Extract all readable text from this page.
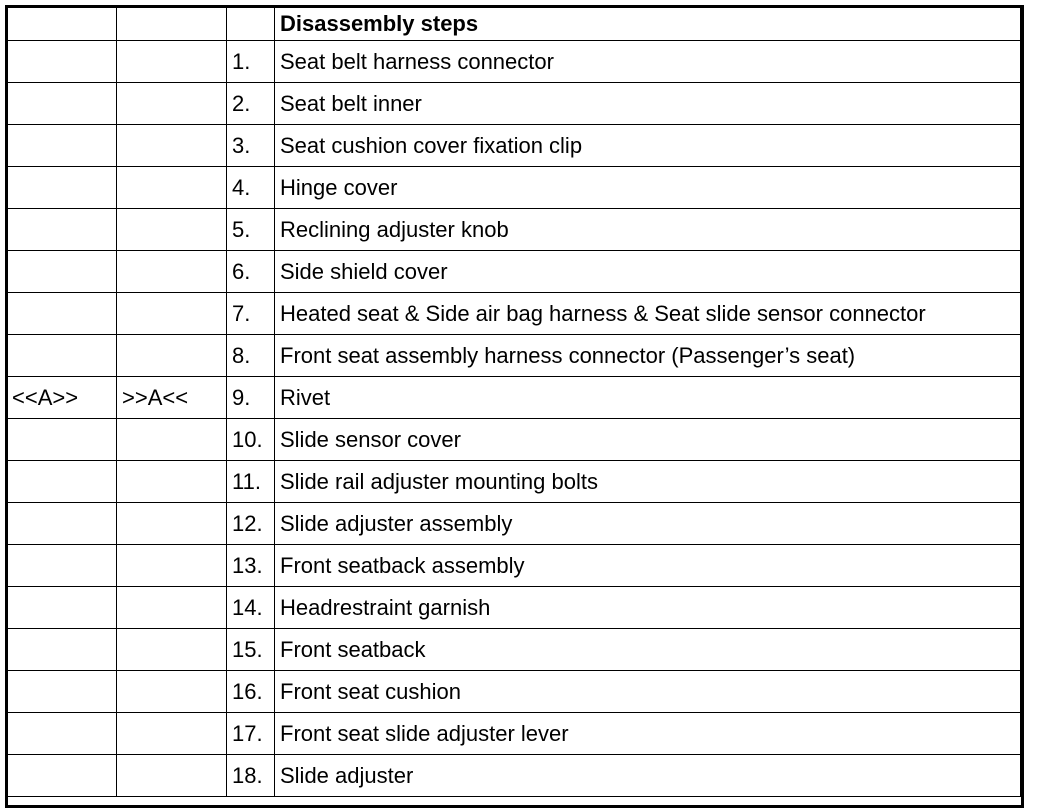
			Disassembly steps
		1.	Seat belt harness connector
		2.	Seat belt inner
		3.	Seat cushion cover fixation clip
		4.	Hinge cover
		5.	Reclining adjuster knob
		6.	Side shield cover
		7.	Heated seat & Side air bag harness & Seat slide sensor connector
		8.	Front seat assembly harness connector (Passenger’s seat)
<<A>>	>>A<<	9.	Rivet
		10.	Slide sensor cover
		11.	Slide rail adjuster mounting bolts
		12.	Slide adjuster assembly
		13.	Front seatback assembly
		14.	Headrestraint garnish
		15.	Front seatback
		16.	Front seat cushion
		17.	Front seat slide adjuster lever
		18.	Slide adjuster
